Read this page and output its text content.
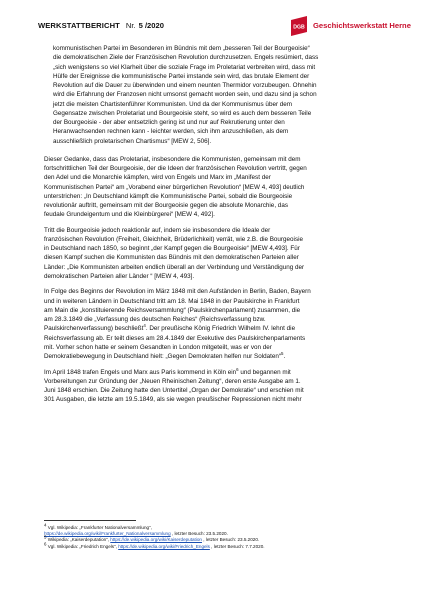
WERKSTATTBERICHT Nr. 5 /2020	DGB Geschichtswerkstatt Herne

kommunistischen Partei im Besonderen im Bündnis mit dem „besseren Teil der Bourgeoisie“
die demokratischen Ziele der Französischen Revolution durchzusetzen. Engels resümiert, dass
„sich wenigstens so viel Klarheit über die soziale Frage im Proletariat verbreiten wird, dass mit
Hülfe der Ereignisse die kommunistische Partei imstande sein wird, das brutale Element der
Revolution auf die Dauer zu überwinden und einem neunten Thermidor vorzubeugen. Ohnehin
wird die Erfahrung der Franzosen nicht umsonst gemacht worden sein, und dazu sind ja schon
jetzt die meisten Chartistenführer Kommunisten. Und da der Kommunismus über dem
Gegensatze zwischen Proletariat und Bourgeoisie steht, so wird es auch dem besseren Teile
der Bourgeoisie - der aber entsetzlich gering ist und nur auf Rekrutierung unter den
Heranwachsenden rechnen kann - leichter werden, sich ihm anzuschließen, als dem
ausschließlich proletarischen Chartismus“ [MEW 2, 506].

Dieser Gedanke, dass das Proletariat, insbesondere die Kommunisten, gemeinsam mit dem
fortschrittlichen Teil der Bourgeoisie, der die Ideen der französischen Revolution vertritt, gegen
den Adel und die Monarchie kämpfen, wird von Engels und Marx im „Manifest der
Kommunistischen Partei“ am „Vorabend einer bürgerlichen Revolution“ [MEW 4, 493] deutlich
unterstrichen: „In Deutschland kämpft die Kommunistische Partei, sobald die Bourgeoisie
revolutionär auftritt, gemeinsam mit der Bourgeoisie gegen die absolute Monarchie, das
feudale Grundeigentum und die Kleinbürgerei“ [MEW 4, 492].

Tritt die Bourgeoisie jedoch reaktionär auf, indem sie insbesondere die Ideale der
französischen Revolution (Freiheit, Gleichheit, Brüderlichkeit) verrät, wie z.B. die Bourgeoisie
in Deutschland nach 1850, so beginnt „der Kampf gegen die Bourgeoisie“ [MEW 4,493]. Für
diesen Kampf suchen die Kommunisten das Bündnis mit den demokratischen Parteien aller
Länder: „Die Kommunisten arbeiten endlich überall an der Verbindung und Verständigung der
demokratischen Parteien aller Länder “ [MEW 4, 493].

In Folge des Beginns der Revolution im März 1848 mit den Aufständen in Berlin, Baden, Bayern
und in weiteren Ländern in Deutschland tritt am 18. Mai 1848 in der Paulskirche in Frankfurt
am Main die „konstituierende Reichsversammlung“ (Paulskirchenparlament) zusammen, die
am 28.3.1849 die „Verfassung des deutschen Reiches“ (Reichsverfassung bzw.
Paulskirchenverfassung) beschließt$^4$. Der preußische König Friedrich Wilhelm IV. lehnt die
Reichsverfassung ab. Er teilt dieses am 28.4.1849 der Exekutive des Paulskirchenparlaments
mit. Vorher schon hatte er seinem Gesandten in London mitgeteilt, was er von der
Demokratiebewegung in Deutschland hielt: „Gegen Demokraten helfen nur Soldaten“$^5$.

Im April 1848 trafen Engels und Marx aus Paris kommend in Köln ein$^6$ und begannen mit
Vorbereitungen zur Gründung der „Neuen Rheinischen Zeitung“, deren erste Ausgabe am 1.
Juni 1848 erschien. Die Zeitung hatte den Untertitel „Organ der Demokratie“ und erschien mit
301 Ausgaben, die letzte am 19.5.1849, als sie wegen preußischer Repressionen nicht mehr

$^4$ Vgl. Wikipedia: „Frankfurter Nationalversammlung“,
https://de.wikipedia.org/wiki/Frankfurter_Nationalversammlung , letzter Besuch: 23.5.2020.
$^5$ Wikipedia: „Kaiserdeputation“, https://de.wikipedia.org/wiki/Kaiserdeputation , letzter Besuch: 23.5.2020.
$^6$ Vgl. Wikipedia: „Friedrich Engels“, https://de.wikipedia.org/wiki/Friedrich_Engels , letzter Besuch: 7.7.2020.
